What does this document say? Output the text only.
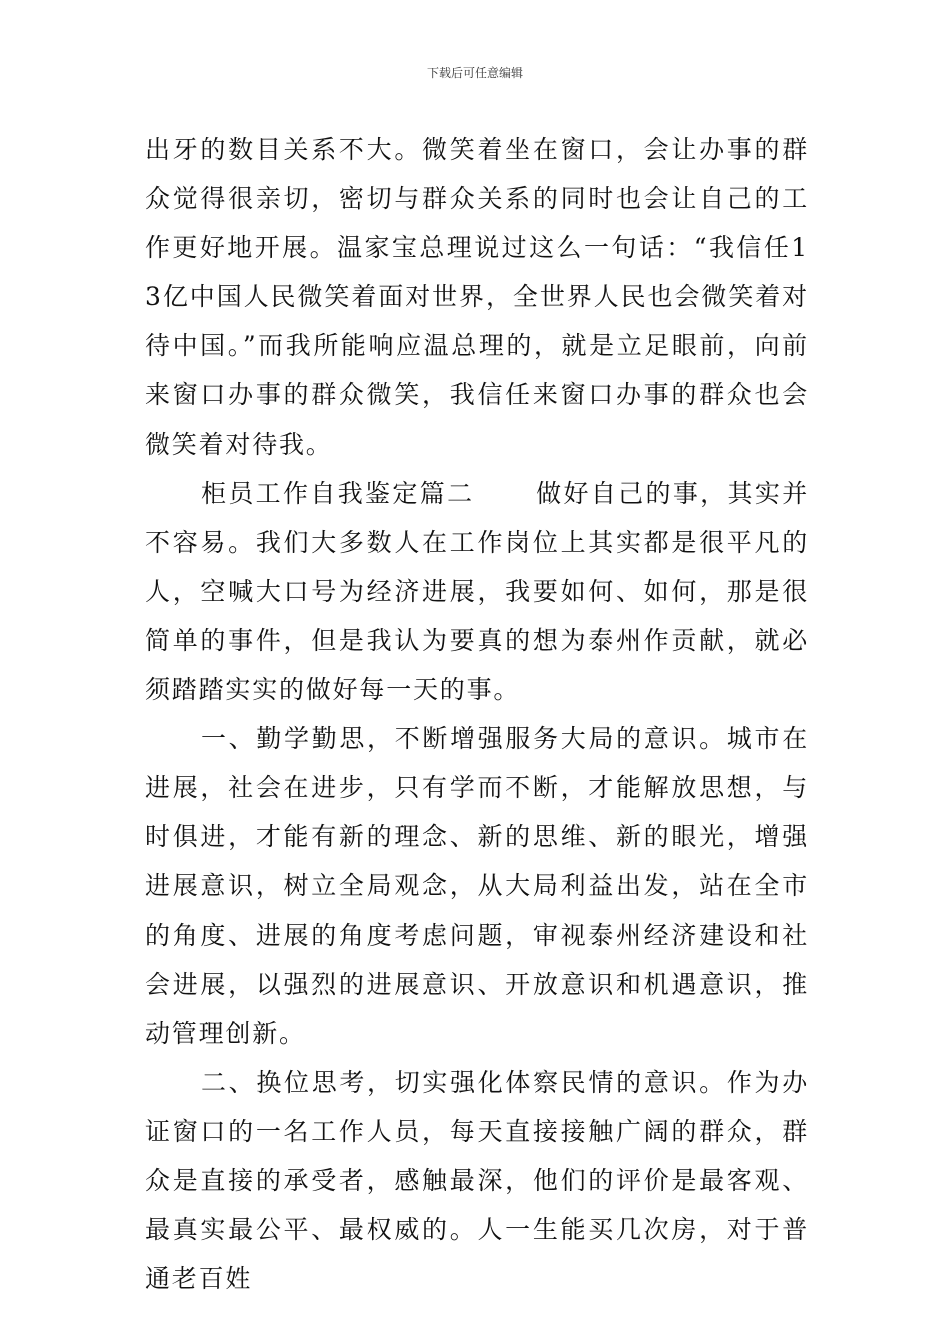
下载后可任意编辑

出牙的数目关系不大。微笑着坐在窗口，会让办事的群众觉得很亲切，密切与群众关系的同时也会让自己的工作更好地开展。温家宝总理说过这么一句话：“我信任13亿中国人民微笑着面对世界，全世界人民也会微笑着对待中国。”而我所能响应温总理的，就是立足眼前，向前来窗口办事的群众微笑，我信任来窗口办事的群众也会微笑着对待我。

柜员工作自我鉴定篇二      做好自己的事，其实并不容易。我们大多数人在工作岗位上其实都是很平凡的人，空喊大口号为经济进展，我要如何、如何，那是很简单的事件，但是我认为要真的想为泰州作贡献，就必须踏踏实实的做好每一天的事。

一、勤学勤思，不断增强服务大局的意识。城市在进展，社会在进步，只有学而不断，才能解放思想，与时俱进，才能有新的理念、新的思维、新的眼光，增强进展意识，树立全局观念，从大局利益出发，站在全市的角度、进展的角度考虑问题，审视泰州经济建设和社会进展，以强烈的进展意识、开放意识和机遇意识，推动管理创新。

二、换位思考，切实强化体察民情的意识。作为办证窗口的一名工作人员，每天直接接触广阔的群众，群众是直接的承受者，感触最深，他们的评价是最客观、最真实最公平、最权威的。人一生能买几次房，对于普通老百姓
